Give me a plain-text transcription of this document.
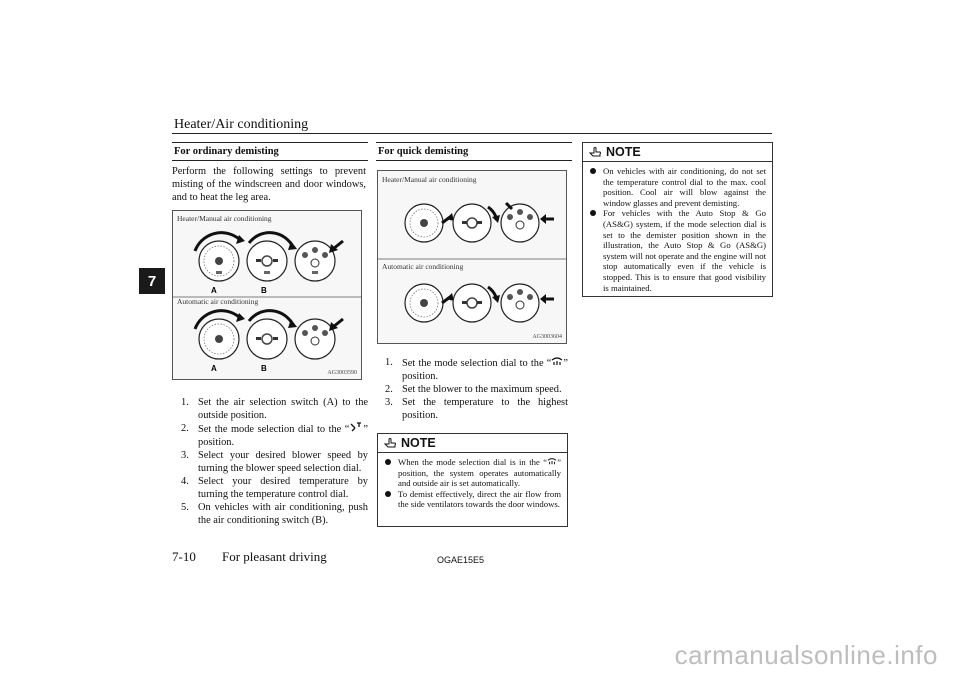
Heater/Air conditioning
7
For ordinary demisting
Perform the following settings to prevent misting of the windscreen and door windows, and to heat the leg area.
Heater/Manual air conditioning
A	B
A	B
Automatic air conditioning
AG3003590
1. Set the air selection switch (A) to the outside position.
2. Set the mode selection dial to the “ ” position.
3. Select your desired blower speed by turning the blower speed selection dial.
4. Select your desired temperature by turning the temperature control dial.
5. On vehicles with air conditioning, push the air conditioning switch (B).
For quick demisting
Heater/Manual air conditioning
Automatic air conditioning
AG3003604
1. Set the mode selection dial to the “ ” position.
2. Set the blower to the maximum speed.
3. Set the temperature to the highest position.
NOTE
When the mode selection dial is in the “ ” position, the system operates automatically and outside air is set automatically.
To demist effectively, direct the air flow from the side ventilators towards the door windows.
NOTE
On vehicles with air conditioning, do not set the temperature control dial to the max. cool position. Cool air will blow against the window glasses and prevent demisting.
For vehicles with the Auto Stop & Go (AS&G) system, if the mode selection dial is set to the demister position shown in the illustration, the Auto Stop & Go (AS&G) system will not operate and the engine will not stop automatically even if the vehicle is stopped. This is to ensure that good visibility is maintained.
7-10 For pleasant driving	OGAE15E5
carmanualsonline.info
